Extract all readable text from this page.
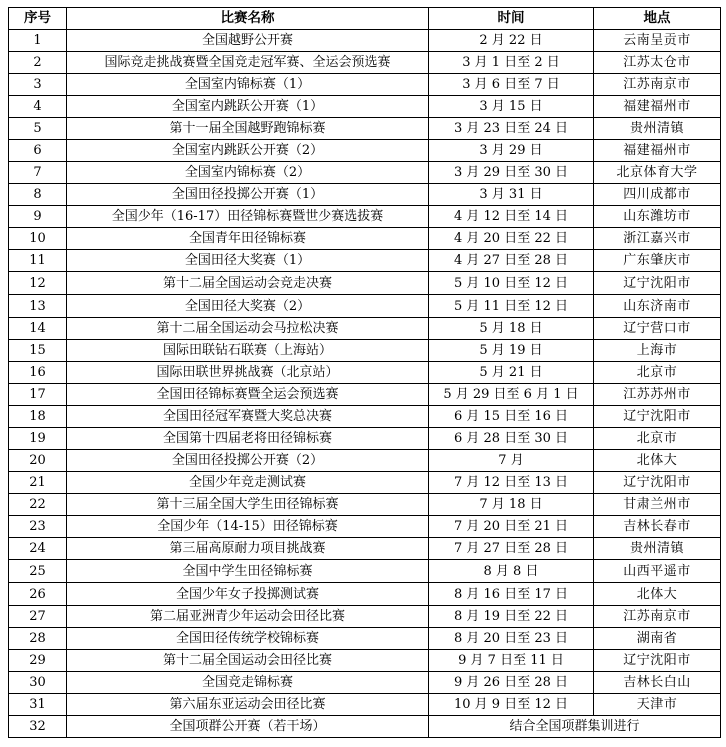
序号	比赛名称	时间	地点
1	全国越野公开赛	2 月 22 日	云南呈贡市
2	国际竞走挑战赛暨全国竞走冠军赛、全运会预选赛	3 月 1 日至 2 日	江苏太仓市
3	全国室内锦标赛（1）	3 月 6 日至 7 日	江苏南京市
4	全国室内跳跃公开赛（1）	3 月 15 日	福建福州市
5	第十一届全国越野跑锦标赛	3 月 23 日至 24 日	贵州清镇
6	全国室内跳跃公开赛（2）	3 月 29 日	福建福州市
7	全国室内锦标赛（2）	3 月 29 日至 30 日	北京体育大学
8	全国田径投掷公开赛（1）	3 月 31 日	四川成都市
9	全国少年（16-17）田径锦标赛暨世少赛选拔赛	4 月 12 日至 14 日	山东潍坊市
10	全国青年田径锦标赛	4 月 20 日至 22 日	浙江嘉兴市
11	全国田径大奖赛（1）	4 月 27 日至 28 日	广东肇庆市
12	第十二届全国运动会竞走决赛	5 月 10 日至 12 日	辽宁沈阳市
13	全国田径大奖赛（2）	5 月 11 日至 12 日	山东济南市
14	第十二届全国运动会马拉松决赛	5 月 18 日	辽宁营口市
15	国际田联钻石联赛（上海站）	5 月 19 日	上海市
16	国际田联世界挑战赛（北京站）	5 月 21 日	北京市
17	全国田径锦标赛暨全运会预选赛	5 月 29 日至 6 月 1 日	江苏苏州市
18	全国田径冠军赛暨大奖总决赛	6 月 15 日至 16 日	辽宁沈阳市
19	全国第十四届老将田径锦标赛	6 月 28 日至 30 日	北京市
20	全国田径投掷公开赛（2）	7 月	北体大
21	全国少年竞走测试赛	7 月 12 日至 13 日	辽宁沈阳市
22	第十三届全国大学生田径锦标赛	7 月 18 日	甘肃兰州市
23	全国少年（14-15）田径锦标赛	7 月 20 日至 21 日	吉林长春市
24	第三届高原耐力项目挑战赛	7 月 27 日至 28 日	贵州清镇
25	全国中学生田径锦标赛	8 月 8 日	山西平遥市
26	全国少年女子投掷测试赛	8 月 16 日至 17 日	北体大
27	第二届亚洲青少年运动会田径比赛	8 月 19 日至 22 日	江苏南京市
28	全国田径传统学校锦标赛	8 月 20 日至 23 日	湖南省
29	第十二届全国运动会田径比赛	9 月 7 日至 11 日	辽宁沈阳市
30	全国竞走锦标赛	9 月 26 日至 28 日	吉林长白山
31	第六届东亚运动会田径比赛	10 月 9 日至 12 日	天津市
32	全国项群公开赛（若干场）	结合全国项群集训进行	
